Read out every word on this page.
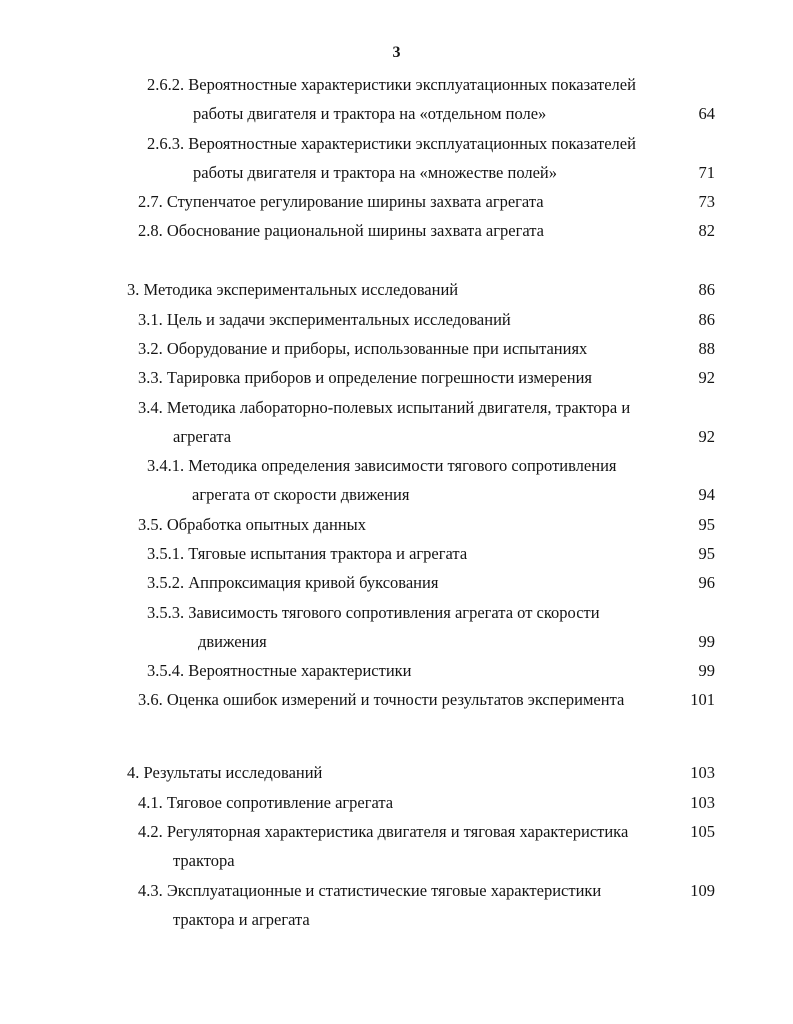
3
2.6.2. Вероятностные характеристики эксплуатационных показателей
работы двигателя и трактора на «отдельном поле»	64
2.6.3. Вероятностные характеристики эксплуатационных показателей
работы двигателя и трактора на «множестве полей»	71
2.7. Ступенчатое регулирование ширины захвата агрегата	73
2.8. Обоснование рациональной ширины захвата агрегата	82
3. Методика экспериментальных исследований	86
3.1. Цель и задачи экспериментальных исследований	86
3.2. Оборудование и приборы, использованные при испытаниях	88
3.3. Тарировка приборов и определение погрешности измерения	92
3.4. Методика лабораторно-полевых испытаний двигателя, трактора и
агрегата	92
3.4.1. Методика определения зависимости тягового сопротивления
агрегата от скорости движения	94
3.5. Обработка опытных данных	95
3.5.1. Тяговые испытания трактора и агрегата	95
3.5.2. Аппроксимация кривой буксования	96
3.5.3. Зависимость тягового сопротивления агрегата от скорости
движения	99
3.5.4. Вероятностные характеристики	99
3.6. Оценка ошибок измерений и точности результатов эксперимента	101
4. Результаты исследований	103
4.1. Тяговое сопротивление агрегата	103
4.2. Регуляторная характеристика двигателя и тяговая характеристика	105
трактора
4.3. Эксплуатационные и статистические тяговые характеристики	109
трактора и агрегата
